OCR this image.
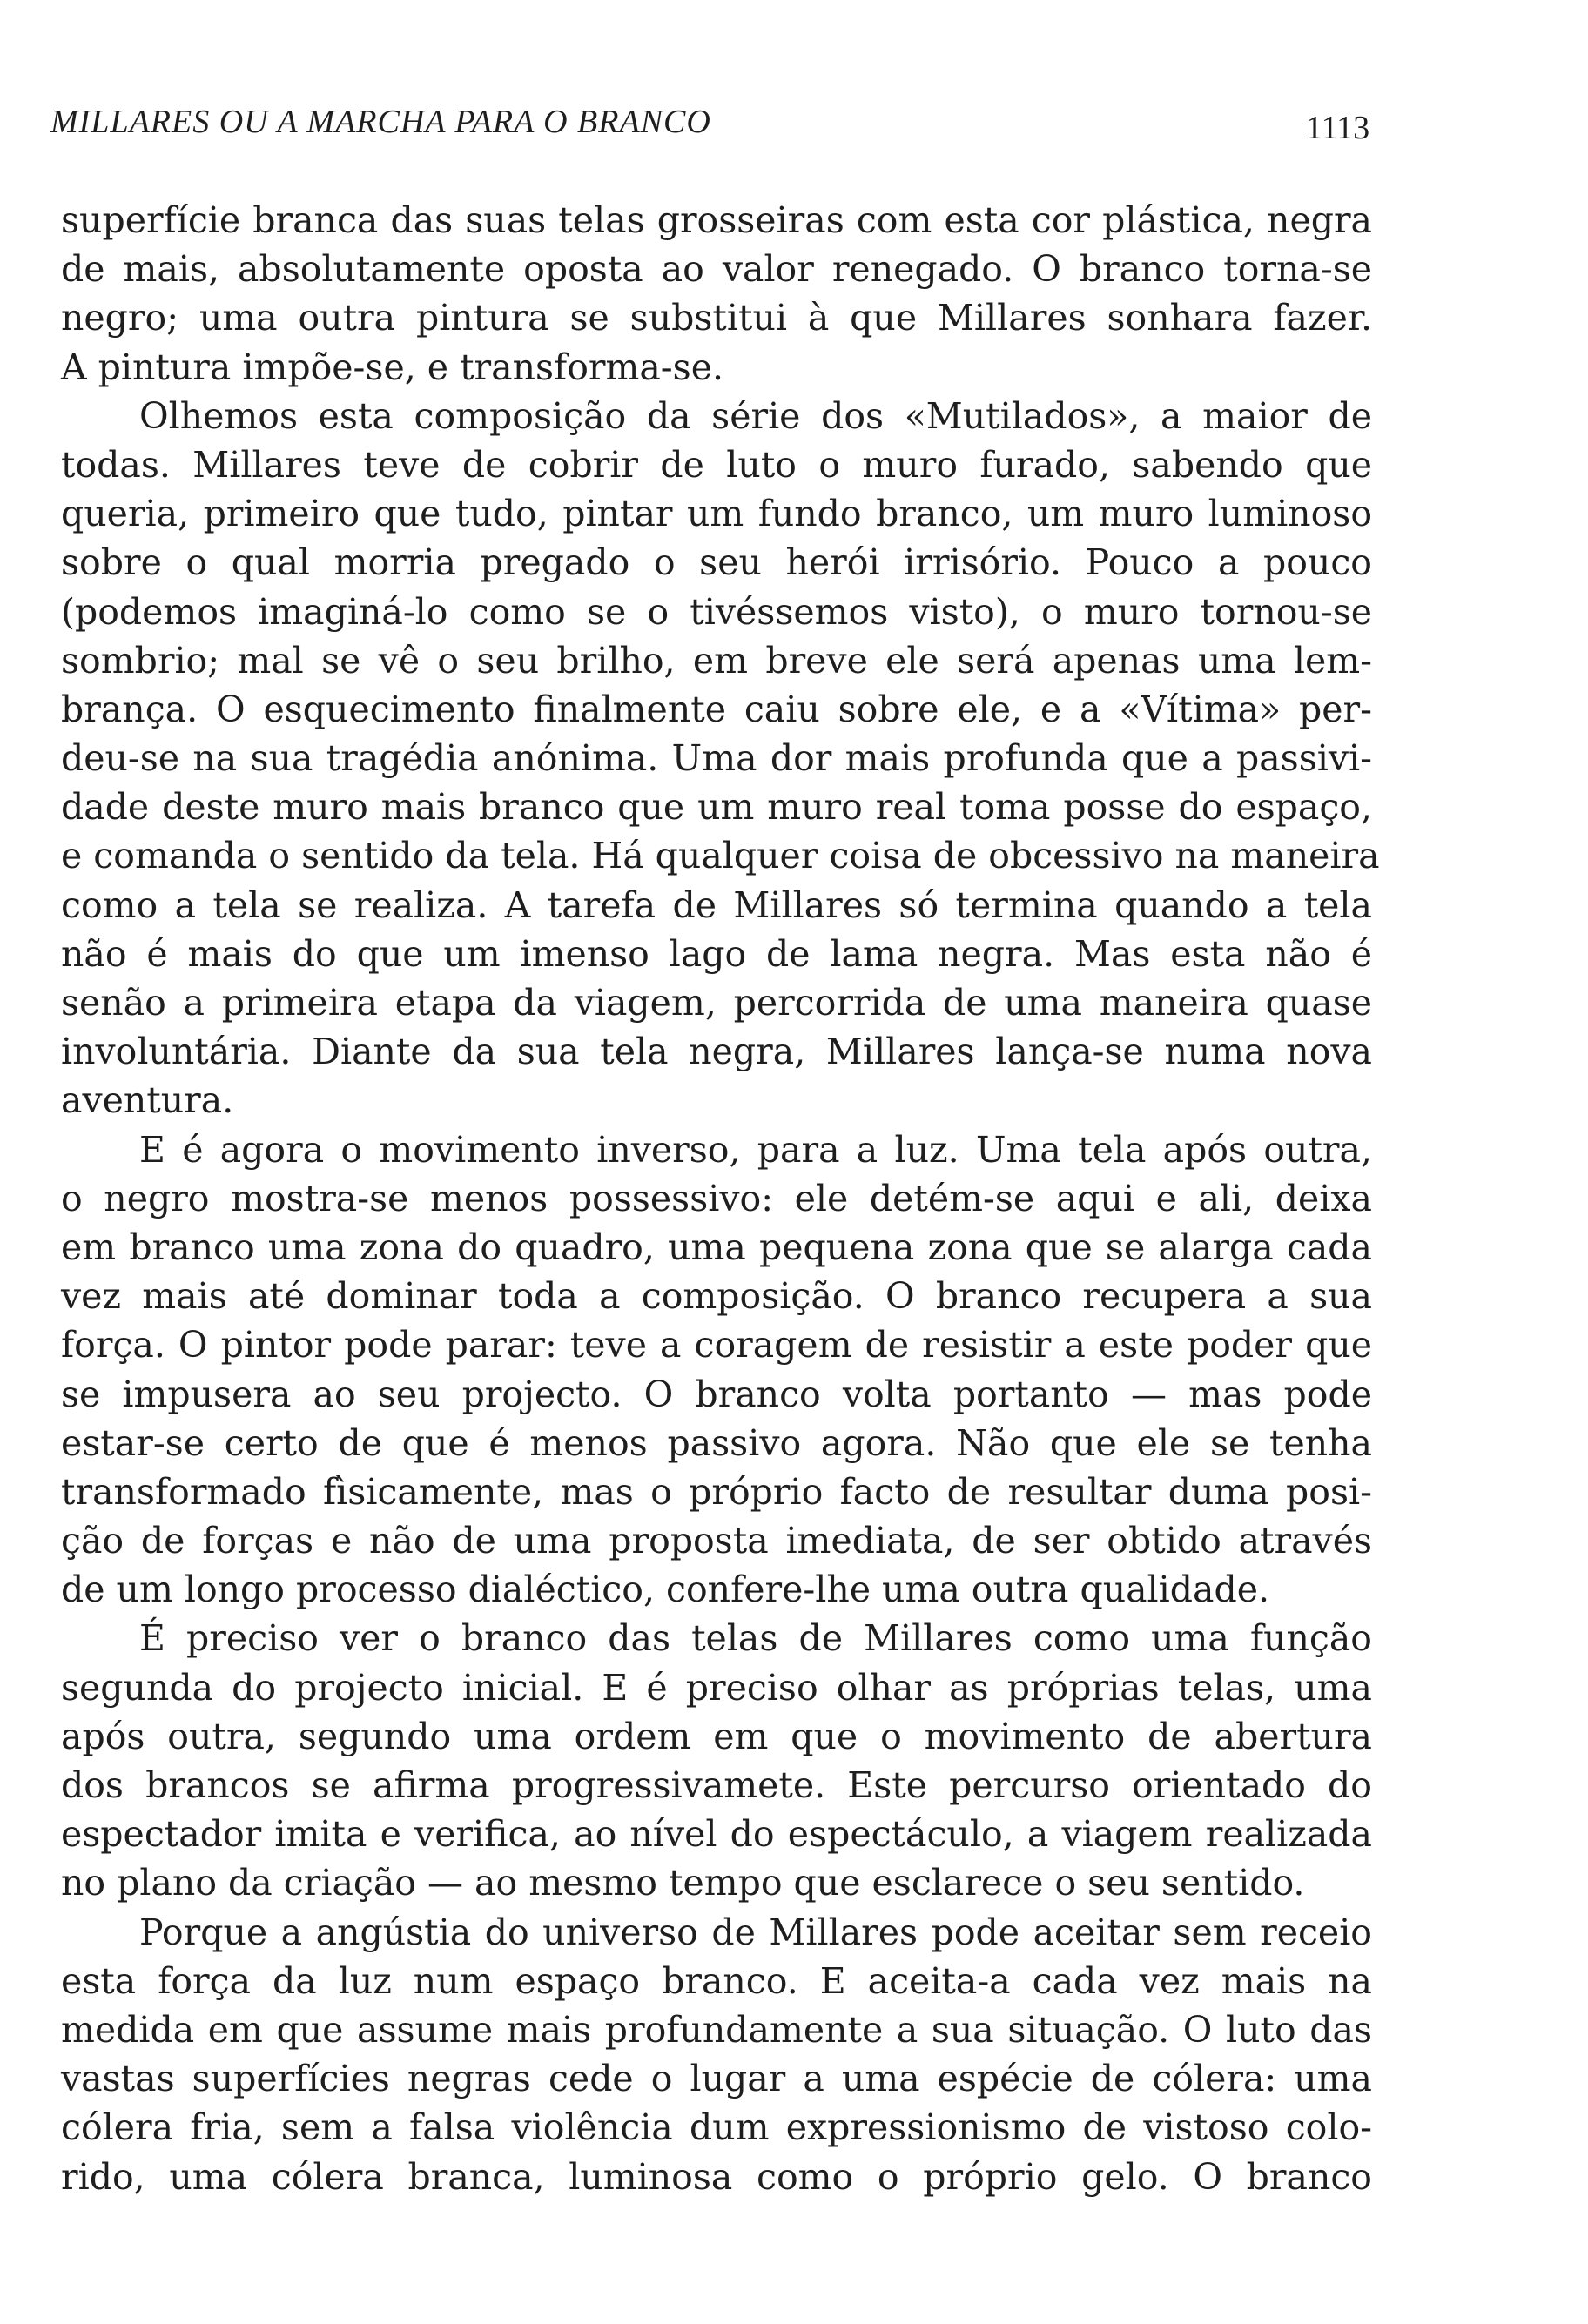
MILLARES OU A MARCHA PARA O BRANCO	1113
superfície branca das suas telas grosseiras com esta cor plástica, negra
de mais, absolutamente oposta ao valor renegado. O branco torna-se
negro; uma outra pintura se substitui à que Millares sonhara fazer.
A pintura impõe-se, e transforma-se.
Olhemos esta composição da série dos «Mutilados», a maior de
todas. Millares teve de cobrir de luto o muro furado, sabendo que
queria, primeiro que tudo, pintar um fundo branco, um muro luminoso
sobre o qual morria pregado o seu herói irrisório. Pouco a pouco
(podemos imaginá-lo como se o tivéssemos visto), o muro tornou-se
sombrio; mal se vê o seu brilho, em breve ele será apenas uma lem-
brança. O esquecimento finalmente caiu sobre ele, e a «Vítima» per-
deu-se na sua tragédia anónima. Uma dor mais profunda que a passivi-
dade deste muro mais branco que um muro real toma posse do espaço,
e comanda o sentido da tela. Há qualquer coisa de obcessivo na maneira
como a tela se realiza. A tarefa de Millares só termina quando a tela
não é mais do que um imenso lago de lama negra. Mas esta não é
senão a primeira etapa da viagem, percorrida de uma maneira quase
involuntária. Diante da sua tela negra, Millares lança-se numa nova
aventura.
E é agora o movimento inverso, para a luz. Uma tela após outra,
o negro mostra-se menos possessivo: ele detém-se aqui e ali, deixa
em branco uma zona do quadro, uma pequena zona que se alarga cada
vez mais até dominar toda a composição. O branco recupera a sua
força. O pintor pode parar: teve a coragem de resistir a este poder que
se impusera ao seu projecto. O branco volta portanto — mas pode
estar-se certo de que é menos passivo agora. Não que ele se tenha
transformado fìsicamente, mas o próprio facto de resultar duma posi-
ção de forças e não de uma proposta imediata, de ser obtido através
de um longo processo dialéctico, confere-lhe uma outra qualidade.
É preciso ver o branco das telas de Millares como uma função
segunda do projecto inicial. E é preciso olhar as próprias telas, uma
após outra, segundo uma ordem em que o movimento de abertura
dos brancos se afirma progressivamete. Este percurso orientado do
espectador imita e verifica, ao nível do espectáculo, a viagem realizada
no plano da criação — ao mesmo tempo que esclarece o seu sentido.
Porque a angústia do universo de Millares pode aceitar sem receio
esta força da luz num espaço branco. E aceita-a cada vez mais na
medida em que assume mais profundamente a sua situação. O luto das
vastas superfícies negras cede o lugar a uma espécie de cólera: uma
cólera fria, sem a falsa violência dum expressionismo de vistoso colo-
rido, uma cólera branca, luminosa como o próprio gelo. O branco
